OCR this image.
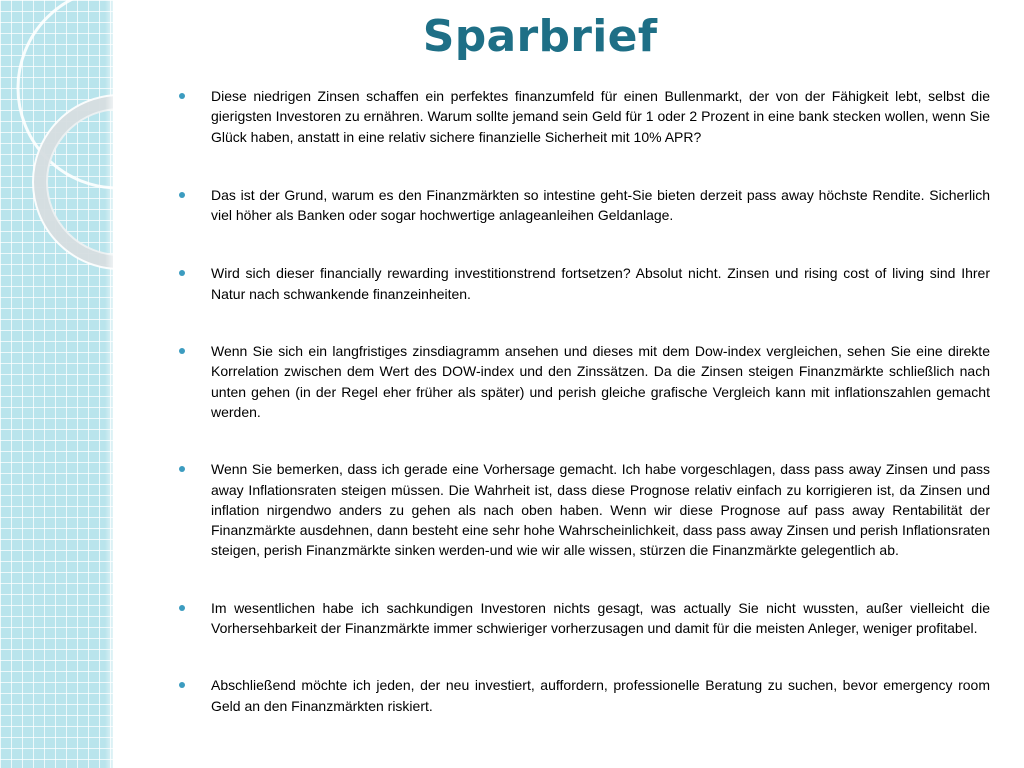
Sparbrief
Diese niedrigen Zinsen schaffen ein perfektes finanzumfeld für einen Bullenmarkt, der von der Fähigkeit lebt, selbst die gierigsten Investoren zu ernähren. Warum sollte jemand sein Geld für 1 oder 2 Prozent in eine bank stecken wollen, wenn Sie Glück haben, anstatt in eine relativ sichere finanzielle Sicherheit mit 10% APR?
Das ist der Grund, warum es den Finanzmärkten so intestine geht-Sie bieten derzeit pass away höchste Rendite. Sicherlich viel höher als Banken oder sogar hochwertige anlageanleihen Geldanlage.
Wird sich dieser financially rewarding investitionstrend fortsetzen? Absolut nicht. Zinsen und rising cost of living sind Ihrer Natur nach schwankende finanzeinheiten.
Wenn Sie sich ein langfristiges zinsdiagramm ansehen und dieses mit dem Dow-index vergleichen, sehen Sie eine direkte Korrelation zwischen dem Wert des DOW-index und den Zinssätzen. Da die Zinsen steigen Finanzmärkte schließlich nach unten gehen (in der Regel eher früher als später) und perish gleiche grafische Vergleich kann mit inflationszahlen gemacht werden.
Wenn Sie bemerken, dass ich gerade eine Vorhersage gemacht. Ich habe vorgeschlagen, dass pass away Zinsen und pass away Inflationsraten steigen müssen. Die Wahrheit ist, dass diese Prognose relativ einfach zu korrigieren ist, da Zinsen und inflation nirgendwo anders zu gehen als nach oben haben. Wenn wir diese Prognose auf pass away Rentabilität der Finanzmärkte ausdehnen, dann besteht eine sehr hohe Wahrscheinlichkeit, dass pass away Zinsen und perish Inflationsraten steigen, perish Finanzmärkte sinken werden-und wie wir alle wissen, stürzen die Finanzmärkte gelegentlich ab.
Im wesentlichen habe ich sachkundigen Investoren nichts gesagt, was actually Sie nicht wussten, außer vielleicht die Vorhersehbarkeit der Finanzmärkte immer schwieriger vorherzusagen und damit für die meisten Anleger, weniger profitabel.
Abschließend möchte ich jeden, der neu investiert, auffordern, professionelle Beratung zu suchen, bevor emergency room Geld an den Finanzmärkten riskiert.
